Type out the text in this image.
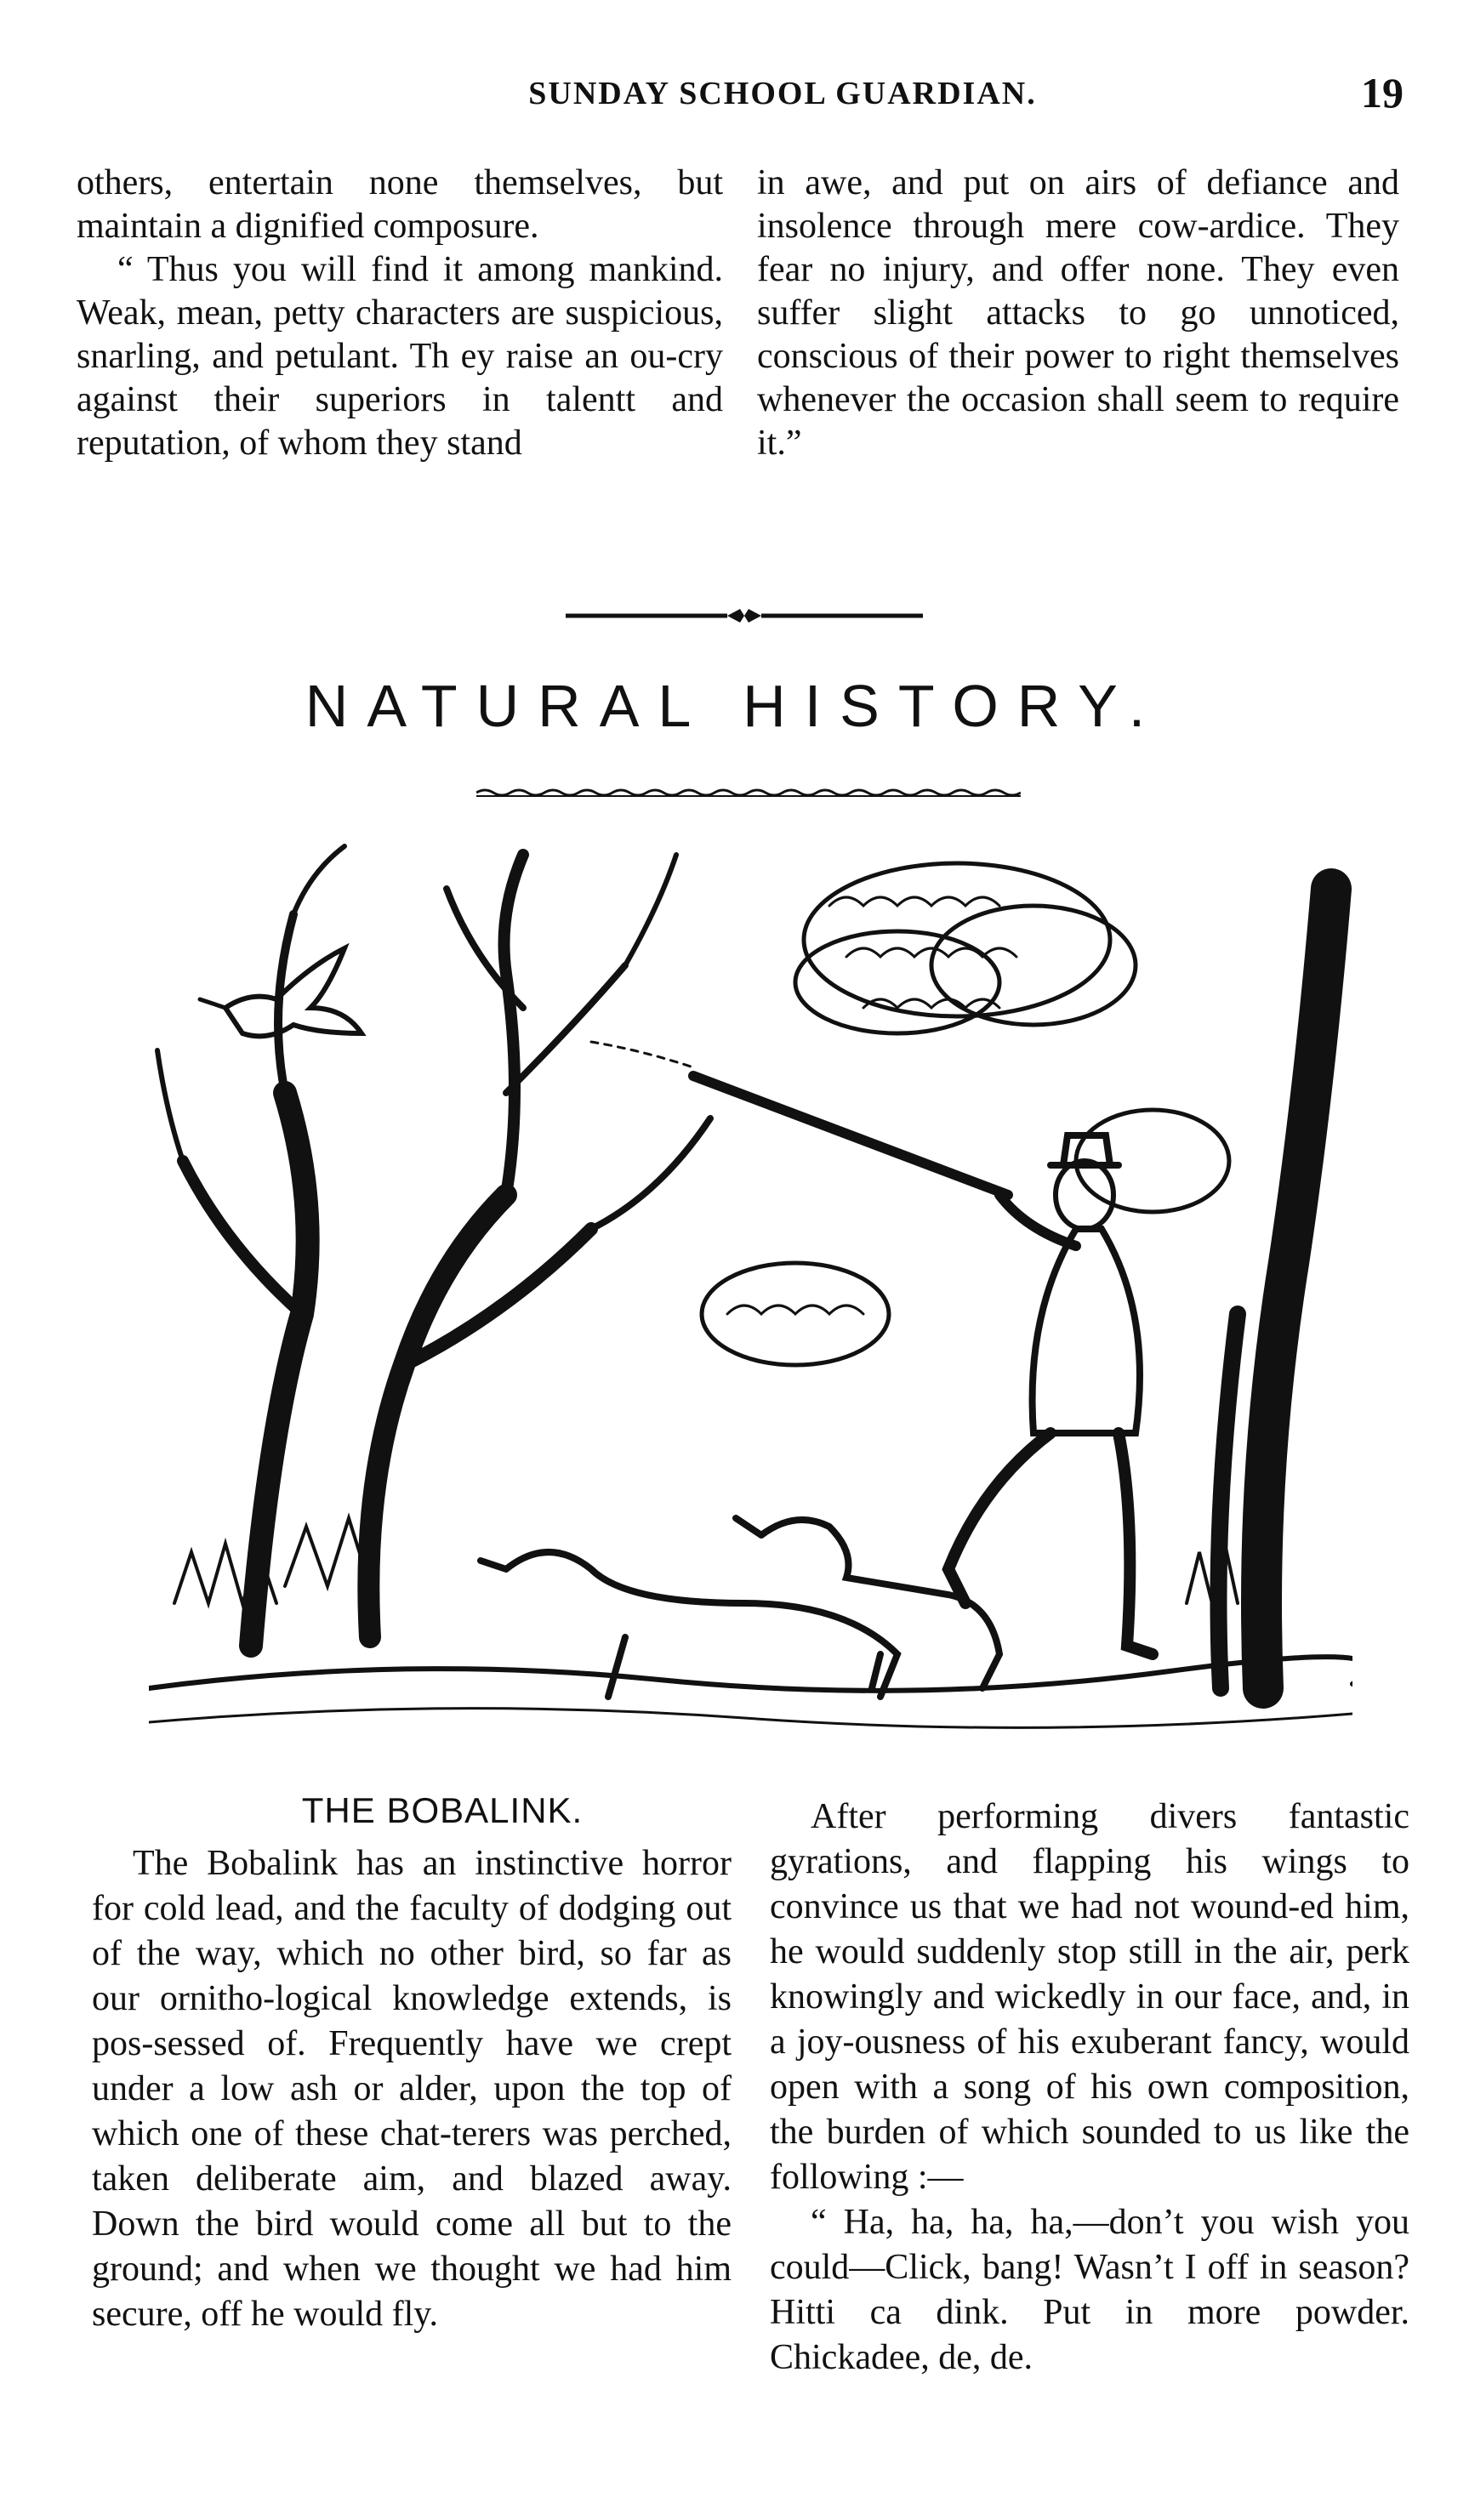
SUNDAY SCHOOL GUARDIAN.	19

others, entertain none themselves, but maintain a dignified composure.

“ Thus you will find it among mankind. Weak, mean, petty characters are suspicious, snarling, and petulant. Th ey raise an ou-cry against their superiors in talentt and reputation, of whom they stand

in awe, and put on airs of defiance and insolence through mere cow-ardice. They fear no injury, and offer none. They even suffer slight attacks to go unnoticed, conscious of their power to right themselves whenever the occasion shall seem to require it.”

NATURAL HISTORY.
THE BOBALINK.

The Bobalink has an instinctive horror for cold lead, and the faculty of dodging out of the way, which no other bird, so far as our ornitho-logical knowledge extends, is pos-sessed of. Frequently have we crept under a low ash or alder, upon the top of which one of these chat-terers was perched, taken deliberate aim, and blazed away. Down the bird would come all but to the ground; and when we thought we had him secure, off he would fly.

After performing divers fantastic gyrations, and flapping his wings to convince us that we had not wound-ed him, he would suddenly stop still in the air, perk knowingly and wickedly in our face, and, in a joy-ousness of his exuberant fancy, would open with a song of his own composition, the burden of which sounded to us like the following :—

“ Ha, ha, ha, ha,—don’t you wish you could—Click, bang! Wasn’t I off in season? Hitti ca dink. Put in more powder. Chickadee, de, de.
